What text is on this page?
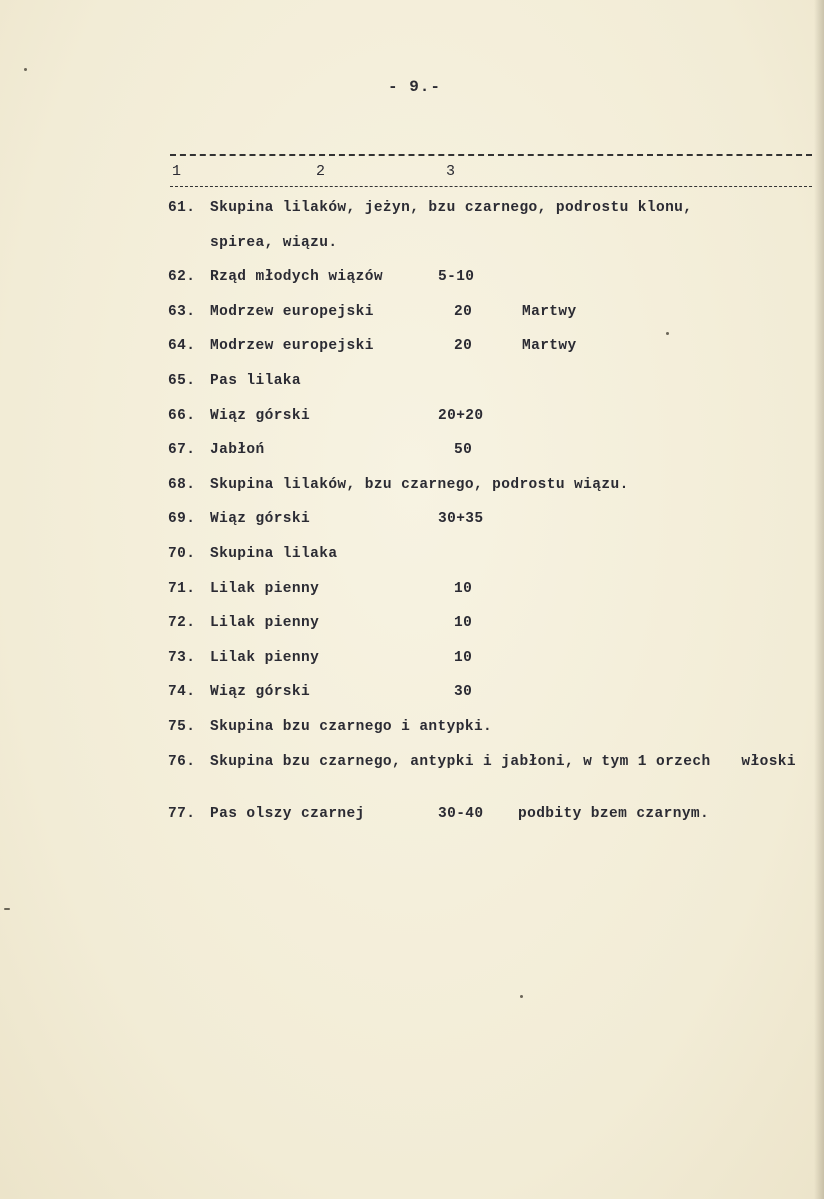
- 9.-
1	2	3
61. Skupina lilaków, jeżyn, bzu czarnego, podrostu klonu,
spirea, wiązu.
62. Rząd młodych wiązów	5-10
63. Modrzew europejski	20	Martwy
64. Modrzew europejski	20	Martwy
65. Pas lilaka
66. Wiąz górski	20+20
67. Jabłoń	50
68. Skupina lilaków, bzu czarnego, podrostu wiązu.
69. Wiąz górski	30+35
70. Skupina lilaka
71. Lilak pienny	10
72. Lilak pienny	10
73. Lilak pienny	10
74. Wiąz górski	30
75. Skupina bzu czarnego i antypki.
76. Skupina bzu czarnego, antypki i jabłoni, w tym 1 orzech włoski
77. Pas olszy czarnej	30-40 podbity bzem czarnym.
